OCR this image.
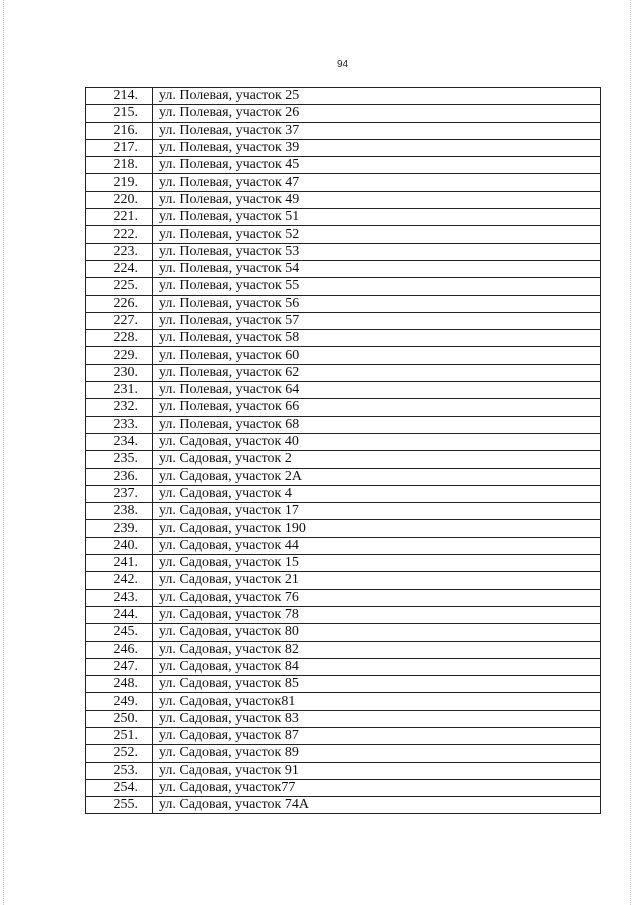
94
214.	ул. Полевая, участок 25
215.	ул. Полевая, участок 26
216.	ул. Полевая, участок 37
217.	ул. Полевая, участок 39
218.	ул. Полевая, участок 45
219.	ул. Полевая, участок 47
220.	ул. Полевая, участок 49
221.	ул. Полевая, участок 51
222.	ул. Полевая, участок 52
223.	ул. Полевая, участок 53
224.	ул. Полевая, участок 54
225.	ул. Полевая, участок 55
226.	ул. Полевая, участок 56
227.	ул. Полевая, участок 57
228.	ул. Полевая, участок 58
229.	ул. Полевая, участок 60
230.	ул. Полевая, участок 62
231.	ул. Полевая, участок 64
232.	ул. Полевая, участок 66
233.	ул. Полевая, участок 68
234.	ул. Садовая, участок 40
235.	ул. Садовая, участок 2
236.	ул. Садовая, участок 2А
237.	ул. Садовая, участок 4
238.	ул. Садовая, участок 17
239.	ул. Садовая, участок 190
240.	ул. Садовая, участок 44
241.	ул. Садовая, участок 15
242.	ул. Садовая, участок 21
243.	ул. Садовая, участок 76
244.	ул. Садовая, участок 78
245.	ул. Садовая, участок 80
246.	ул. Садовая, участок 82
247.	ул. Садовая, участок 84
248.	ул. Садовая, участок 85
249.	ул. Садовая, участок81
250.	ул. Садовая, участок 83
251.	ул. Садовая, участок 87
252.	ул. Садовая, участок 89
253.	ул. Садовая, участок 91
254.	ул. Садовая, участок77
255.	ул. Садовая, участок 74А
